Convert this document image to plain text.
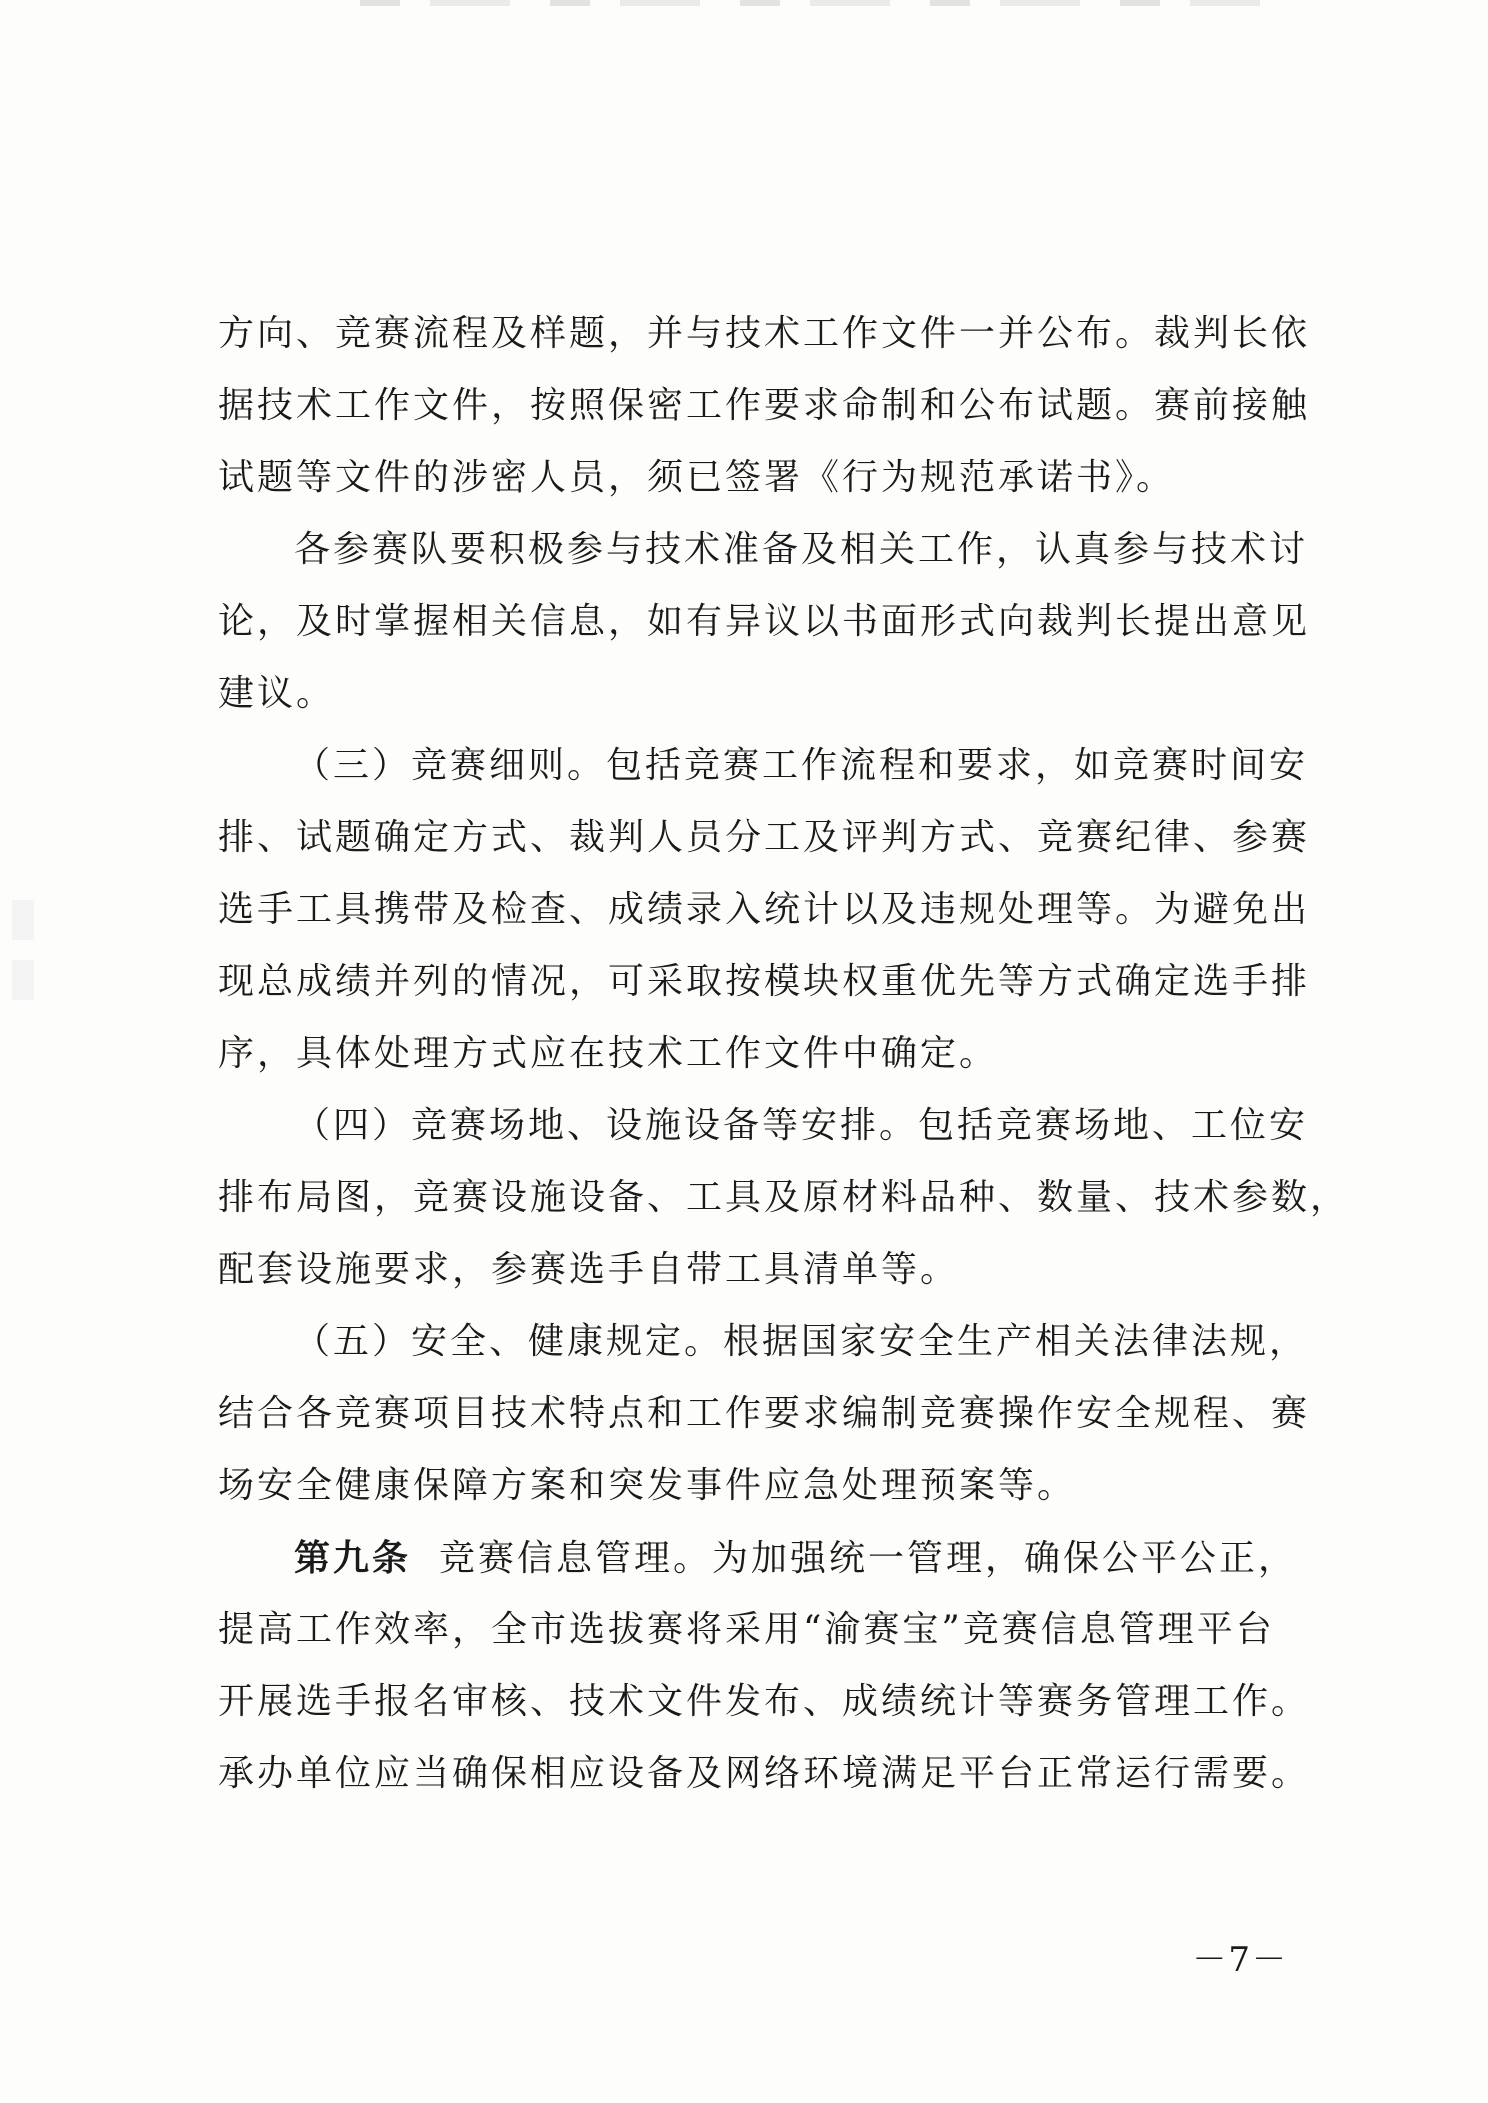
方向、竞赛流程及样题，并与技术工作文件一并公布。裁判长依
据技术工作文件，按照保密工作要求命制和公布试题。赛前接触
试题等文件的涉密人员，须已签署《行为规范承诺书》。
各参赛队要积极参与技术准备及相关工作，认真参与技术讨
论，及时掌握相关信息，如有异议以书面形式向裁判长提出意见
建议。
（三）竞赛细则。包括竞赛工作流程和要求，如竞赛时间安
排、试题确定方式、裁判人员分工及评判方式、竞赛纪律、参赛
选手工具携带及检查、成绩录入统计以及违规处理等。为避免出
现总成绩并列的情况，可采取按模块权重优先等方式确定选手排
序，具体处理方式应在技术工作文件中确定。
（四）竞赛场地、设施设备等安排。包括竞赛场地、工位安
排布局图，竞赛设施设备、工具及原材料品种、数量、技术参数，
配套设施要求，参赛选手自带工具清单等。
（五）安全、健康规定。根据国家安全生产相关法律法规，
结合各竞赛项目技术特点和工作要求编制竞赛操作安全规程、赛
场安全健康保障方案和突发事件应急处理预案等。
第九条 竞赛信息管理。为加强统一管理，确保公平公正，
提高工作效率，全市选拔赛将采用“渝赛宝”竞赛信息管理平台
开展选手报名审核、技术文件发布、成绩统计等赛务管理工作。
承办单位应当确保相应设备及网络环境满足平台正常运行需要。
－7－
